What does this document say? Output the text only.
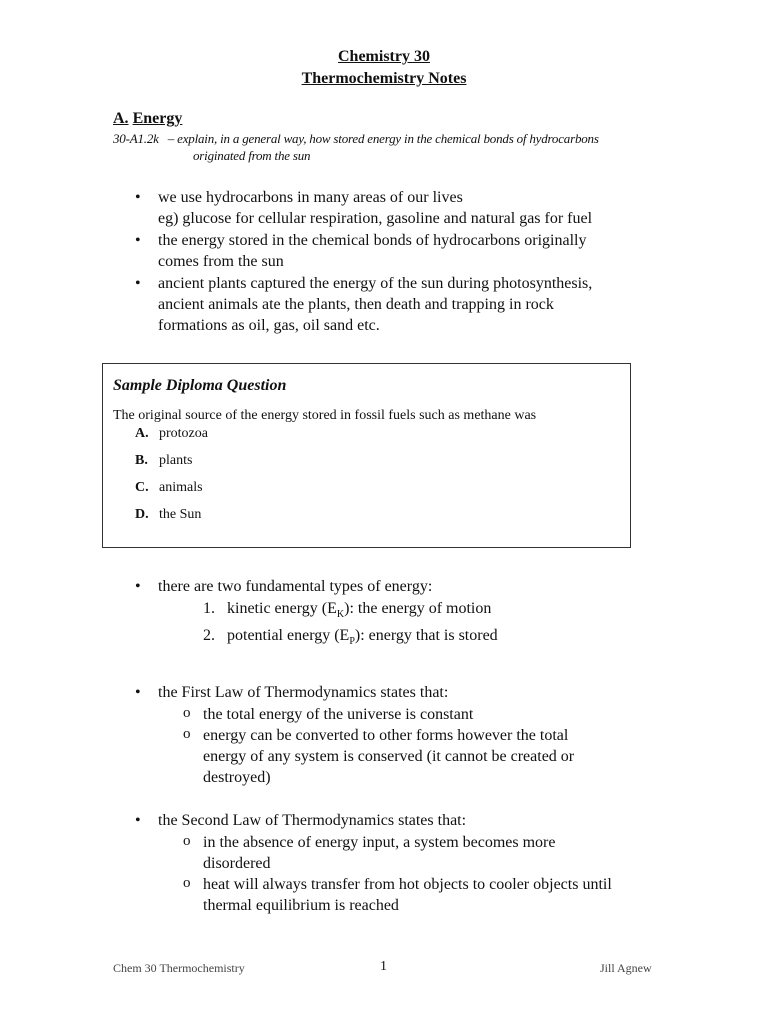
Chemistry 30
Thermochemistry Notes
A. Energy
30-A1.2k – explain, in a general way, how stored energy in the chemical bonds of hydrocarbons
originated from the sun
• we use hydrocarbons in many areas of our lives
eg) glucose for cellular respiration, gasoline and natural gas for fuel
• the energy stored in the chemical bonds of hydrocarbons originally
comes from the sun
• ancient plants captured the energy of the sun during photosynthesis,
ancient animals ate the plants, then death and trapping in rock
formations as oil, gas, oil sand etc.
Sample Diploma Question
The original source of the energy stored in fossil fuels such as methane was
A. protozoa
B. plants
C. animals
D. the Sun
• there are two fundamental types of energy:
1. kinetic energy $(E_K)$: the energy of motion
2. potential energy $(E_P)$: energy that is stored
• the First Law of Thermodynamics states that:
o the total energy of the universe is constant
o energy can be converted to other forms however the total
energy of any system is conserved (it cannot be created or
destroyed)
• the Second Law of Thermodynamics states that:
o in the absence of energy input, a system becomes more
disordered
o heat will always transfer from hot objects to cooler objects until
thermal equilibrium is reached
Chem 30 Thermochemistry	1	Jill Agnew
